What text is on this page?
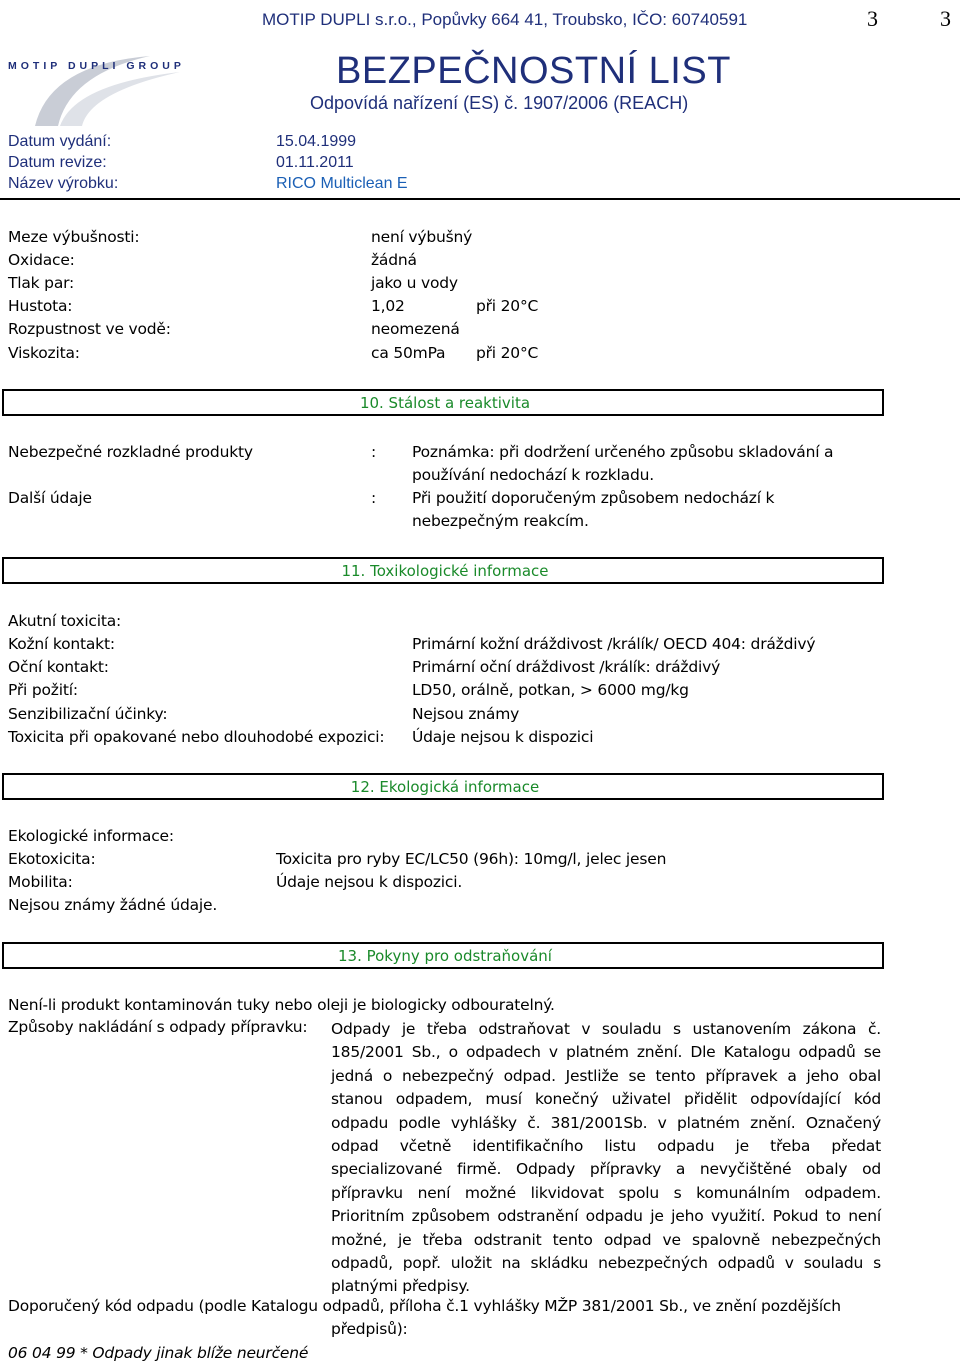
MOTIP DUPLI s.r.o., Popůvky 664 41, Troubsko, IČO: 60740591	3	3
MOTIP DUPLI GROUP	BEZPEČNOSTNÍ LIST
Odpovídá nařízení (ES) č. 1907/2006 (REACH)
Datum vydání:	15.04.1999
Datum revize:	01.11.2011
Název výrobku:	RICO Multiclean E
Meze výbušnosti:	není výbušný
Oxidace:	žádná
Tlak par:	jako u vody
Hustota:	1,02	při 20°C
Rozpustnost ve vodě:	neomezená
Viskozita:	ca 50mPa při 20°C
10. Stálost a reaktivita
Nebezpečné rozkladné produkty	: Poznámka: při dodržení určeného způsobu skladování a
používání nedochází k rozkladu.
Další údaje	: Při použití doporučeným způsobem nedochází k
nebezpečným reakcím.
11. Toxikologické informace
Akutní toxicita:
Kožní kontakt:	Primární kožní dráždivost /králík/ OECD 404: dráždivý
Oční kontakt:	Primární oční dráždivost /králík: dráždivý
Při požití:	LD50, orálně, potkan, > 6000 mg/kg
Senzibilizační účinky:	Nejsou známy
Toxicita při opakované nebo dlouhodobé expozici: Údaje nejsou k dispozici
12. Ekologická informace
Ekologické informace:
Ekotoxicita:	Toxicita pro ryby EC/LC50 (96h): 10mg/l, jelec jesen
Mobilita:	Údaje nejsou k dispozici.
Nejsou známy žádné údaje.
13. Pokyny pro odstraňování
Není-li produkt kontaminován tuky nebo oleji je biologicky odbouratelný.
Způsoby nakládání s odpady přípravku: Odpady je třeba odstraňovat v souladu s ustanovením zákona č. 185/2001 Sb., o odpadech v platném znění. Dle Katalogu odpadů se jedná o nebezpečný odpad. Jestliže se tento přípravek a jeho obal stanou odpadem, musí konečný uživatel přidělit odpovídající kód odpadu podle vyhlášky č. 381/2001Sb. v platném znění. Označený odpad včetně identifikačního listu odpadu je třeba předat specializované firmě. Odpady přípravky a nevyčištěné obaly od přípravku není možné likvidovat spolu s komunálním odpadem. Prioritním způsobem odstranění odpadu je jeho využití. Pokud to není možné, je třeba odstranit tento odpad ve spalovně nebezpečných odpadů, popř. uložit na skládku nebezpečných odpadů v souladu s platnými předpisy.
Doporučený kód odpadu (podle Katalogu odpadů, příloha č.1 vyhlášky MŽP 381/2001 Sb., ve znění pozdějších
předpisů):
06 04 99 * Odpady jinak blíže neurčené
